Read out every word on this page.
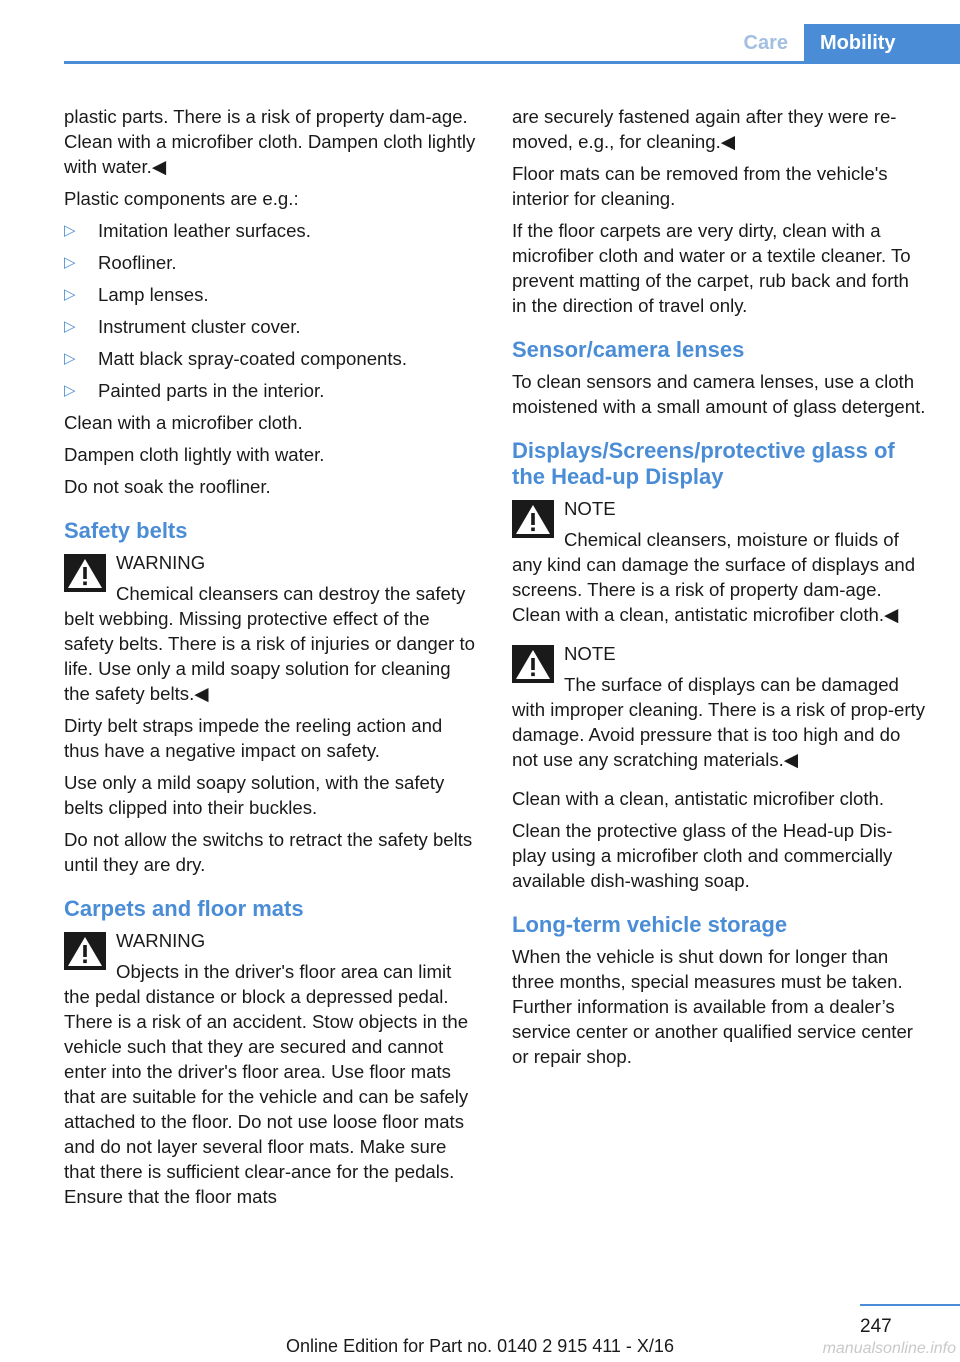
Care	Mobility

plastic parts. There is a risk of property dam‐age. Clean with a microfiber cloth. Dampen cloth lightly with water.◀

Plastic components are e.g.:

▷ Imitation leather surfaces.
▷ Roofliner.
▷ Lamp lenses.
▷ Instrument cluster cover.
▷ Matt black spray-coated components.
▷ Painted parts in the interior.

Clean with a microfiber cloth.

Dampen cloth lightly with water.

Do not soak the roofliner.

Safety belts
WARNING
Chemical cleansers can destroy the safety belt webbing. Missing protective effect of the safety belts. There is a risk of injuries or danger to life. Use only a mild soapy solution for cleaning the safety belts.◀

Dirty belt straps impede the reeling action and thus have a negative impact on safety.

Use only a mild soapy solution, with the safety belts clipped into their buckles.

Do not allow the switchs to retract the safety belts until they are dry.

Carpets and floor mats
WARNING
Objects in the driver's floor area can limit the pedal distance or block a depressed pedal. There is a risk of an accident. Stow objects in the vehicle such that they are secured and cannot enter into the driver's floor area. Use floor mats that are suitable for the vehicle and can be safely attached to the floor. Do not use loose floor mats and do not layer several floor mats. Make sure that there is sufficient clear‐ance for the pedals. Ensure that the floor mats

are securely fastened again after they were re‐moved, e.g., for cleaning.◀

Floor mats can be removed from the vehicle's interior for cleaning.

If the floor carpets are very dirty, clean with a microfiber cloth and water or a textile cleaner. To prevent matting of the carpet, rub back and forth in the direction of travel only.

Sensor/camera lenses

To clean sensors and camera lenses, use a cloth moistened with a small amount of glass detergent.

Displays/Screens/protective glass of the Head-up Display
NOTE
Chemical cleansers, moisture or fluids of any kind can damage the surface of displays and screens. There is a risk of property dam‐age. Clean with a clean, antistatic microfiber cloth.◀
NOTE
The surface of displays can be damaged with improper cleaning. There is a risk of prop‐erty damage. Avoid pressure that is too high and do not use any scratching materials.◀

Clean with a clean, antistatic microfiber cloth.

Clean the protective glass of the Head-up Dis‐play using a microfiber cloth and commercially available dish-washing soap.

Long-term vehicle storage

When the vehicle is shut down for longer than three months, special measures must be taken. Further information is available from a dealer’s service center or another qualified service center or repair shop.

247
Online Edition for Part no. 0140 2 915 411 - X/16	manualsonline.info
